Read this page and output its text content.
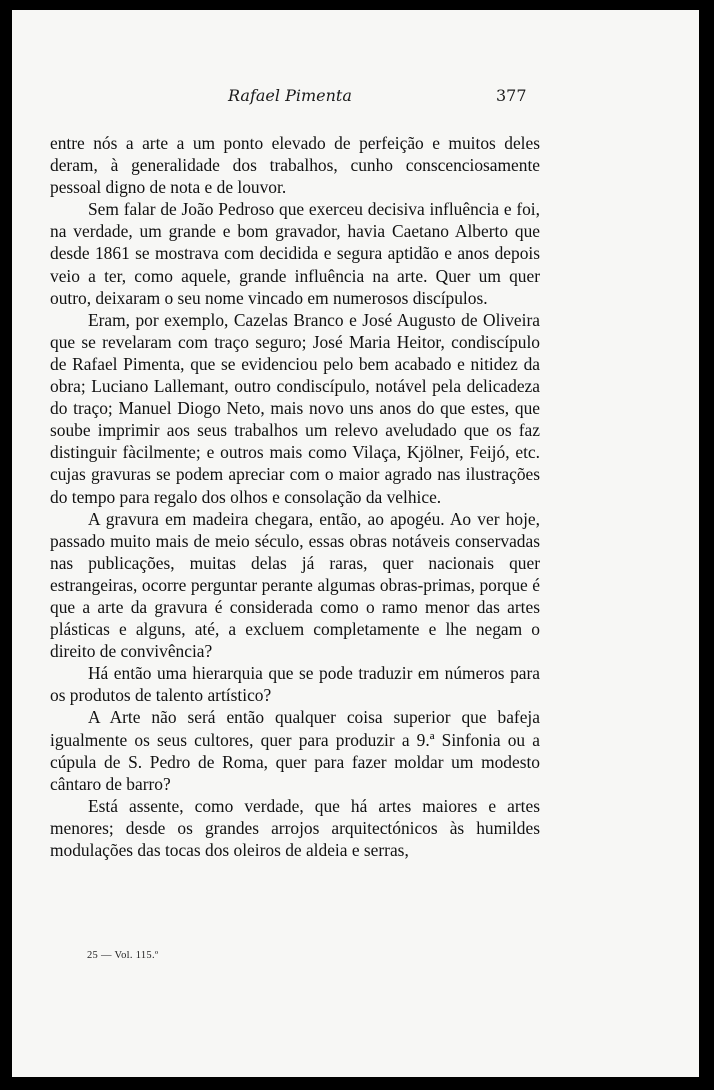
Rafael Pimenta	377

entre nós a arte a um ponto elevado de perfeição e muitos deles deram, à generalidade dos trabalhos, cunho conscenciosamente pessoal digno de nota e de louvor.

Sem falar de João Pedroso que exerceu decisiva influência e foi, na verdade, um grande e bom gravador, havia Caetano Alberto que desde 1861 se mostrava com decidida e segura aptidão e anos depois veio a ter, como aquele, grande influência na arte. Quer um quer outro, deixaram o seu nome vincado em numerosos discípulos.

Eram, por exemplo, Cazelas Branco e José Augusto de Oliveira que se revelaram com traço seguro; José Maria Heitor, condiscípulo de Rafael Pimenta, que se evidenciou pelo bem acabado e nitidez da obra; Luciano Lallemant, outro condiscípulo, notável pela delicadeza do traço; Manuel Diogo Neto, mais novo uns anos do que estes, que soube imprimir aos seus trabalhos um relevo aveludado que os faz distinguir fàcilmente; e outros mais como Vilaça, Kjölner, Feijó, etc. cujas gravuras se podem apreciar com o maior agrado nas ilustrações do tempo para regalo dos olhos e consolação da velhice.

A gravura em madeira chegara, então, ao apogéu. Ao ver hoje, passado muito mais de meio século, essas obras notáveis conservadas nas publicações, muitas delas já raras, quer nacionais quer estrangeiras, ocorre perguntar perante algumas obras-primas, porque é que a arte da gravura é considerada como o ramo menor das artes plásticas e alguns, até, a excluem completamente e lhe negam o direito de convivência?

Há então uma hierarquia que se pode traduzir em números para os produtos de talento artístico?

A Arte não será então qualquer coisa superior que bafeja igualmente os seus cultores, quer para produzir a 9.ª Sinfonia ou a cúpula de S. Pedro de Roma, quer para fazer moldar um modesto cântaro de barro?

Está assente, como verdade, que há artes maiores e artes menores; desde os grandes arrojos arquitectónicos às humildes modulações das tocas dos oleiros de aldeia e serras,

25 — Vol. 115.º
